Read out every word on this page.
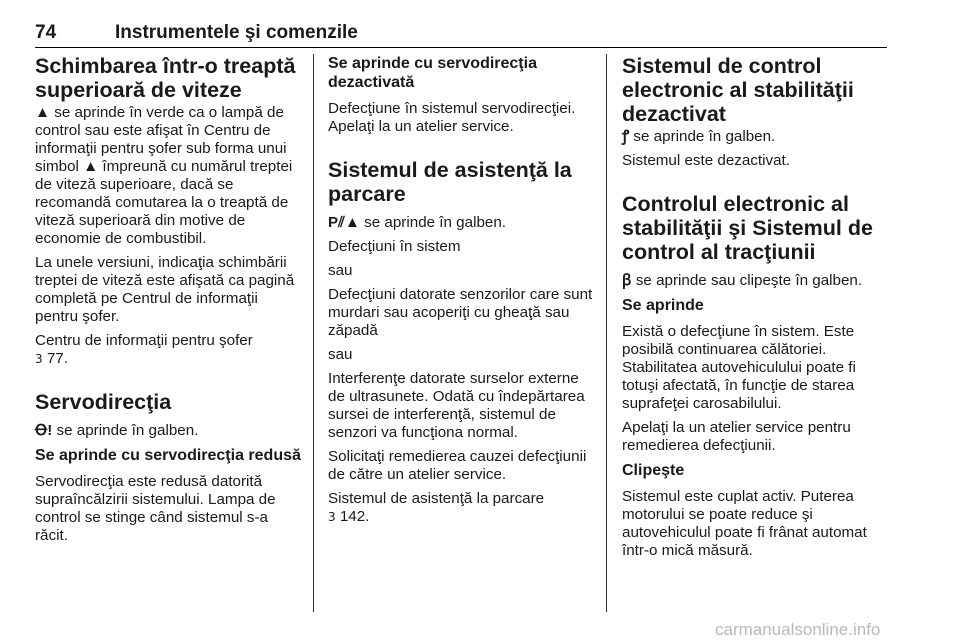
74	Instrumentele şi comenzile
Schimbarea într-o treaptă superioară de viteze

▲ se aprinde în verde ca o lampă de control sau este afişat în Centru de informaţii pentru şofer sub forma unui simbol ▲ împreună cu numărul treptei de viteză superioare, dacă se recomandă comutarea la o treaptă de viteză superioară din motive de economie de combustibil.

La unele versiuni, indicaţia schimbării treptei de viteză este afişată ca pagină completă pe Centrul de informaţii pentru şofer.

Centru de informaţii pentru şofer
3 77.

Servodirecţia

Ꝋ! se aprinde în galben.

Se aprinde cu servodirecţia redusă

Servodirecţia este redusă datorită supraîncălzirii sistemului. Lampa de control se stinge când sistemul s-a răcit.

Se aprinde cu servodirecţia dezactivată

Defecţiune în sistemul servodirecţiei. Apelaţi la un atelier service.

Sistemul de asistenţă la parcare

P⫽▲ se aprinde în galben.

Defecţiuni în sistem

sau

Defecţiuni datorate senzorilor care sunt murdari sau acoperiţi cu gheaţă sau zăpadă

sau

Interferenţe datorate surselor externe de ultrasunete. Odată cu îndepărtarea sursei de interferenţă, sistemul de senzori va funcţiona normal.

Solicitaţi remedierea cauzei defecţiunii de către un atelier service.

Sistemul de asistenţă la parcare
3 142.

Sistemul de control electronic al stabilităţii dezactivat

ꝭ se aprinde în galben.

Sistemul este dezactivat.

Controlul electronic al stabilităţii şi Sistemul de control al tracţiunii

ꞵ se aprinde sau clipeşte în galben.

Se aprinde

Există o defecţiune în sistem. Este posibilă continuarea călătoriei. Stabilitatea autovehiculului poate fi totuşi afectată, în funcţie de starea suprafeţei carosabilului.

Apelaţi la un atelier service pentru remedierea defecţiunii.

Clipeşte

Sistemul este cuplat activ. Puterea motorului se poate reduce şi autovehiculul poate fi frânat automat într-o mică măsură.

carmanualsonline.info
